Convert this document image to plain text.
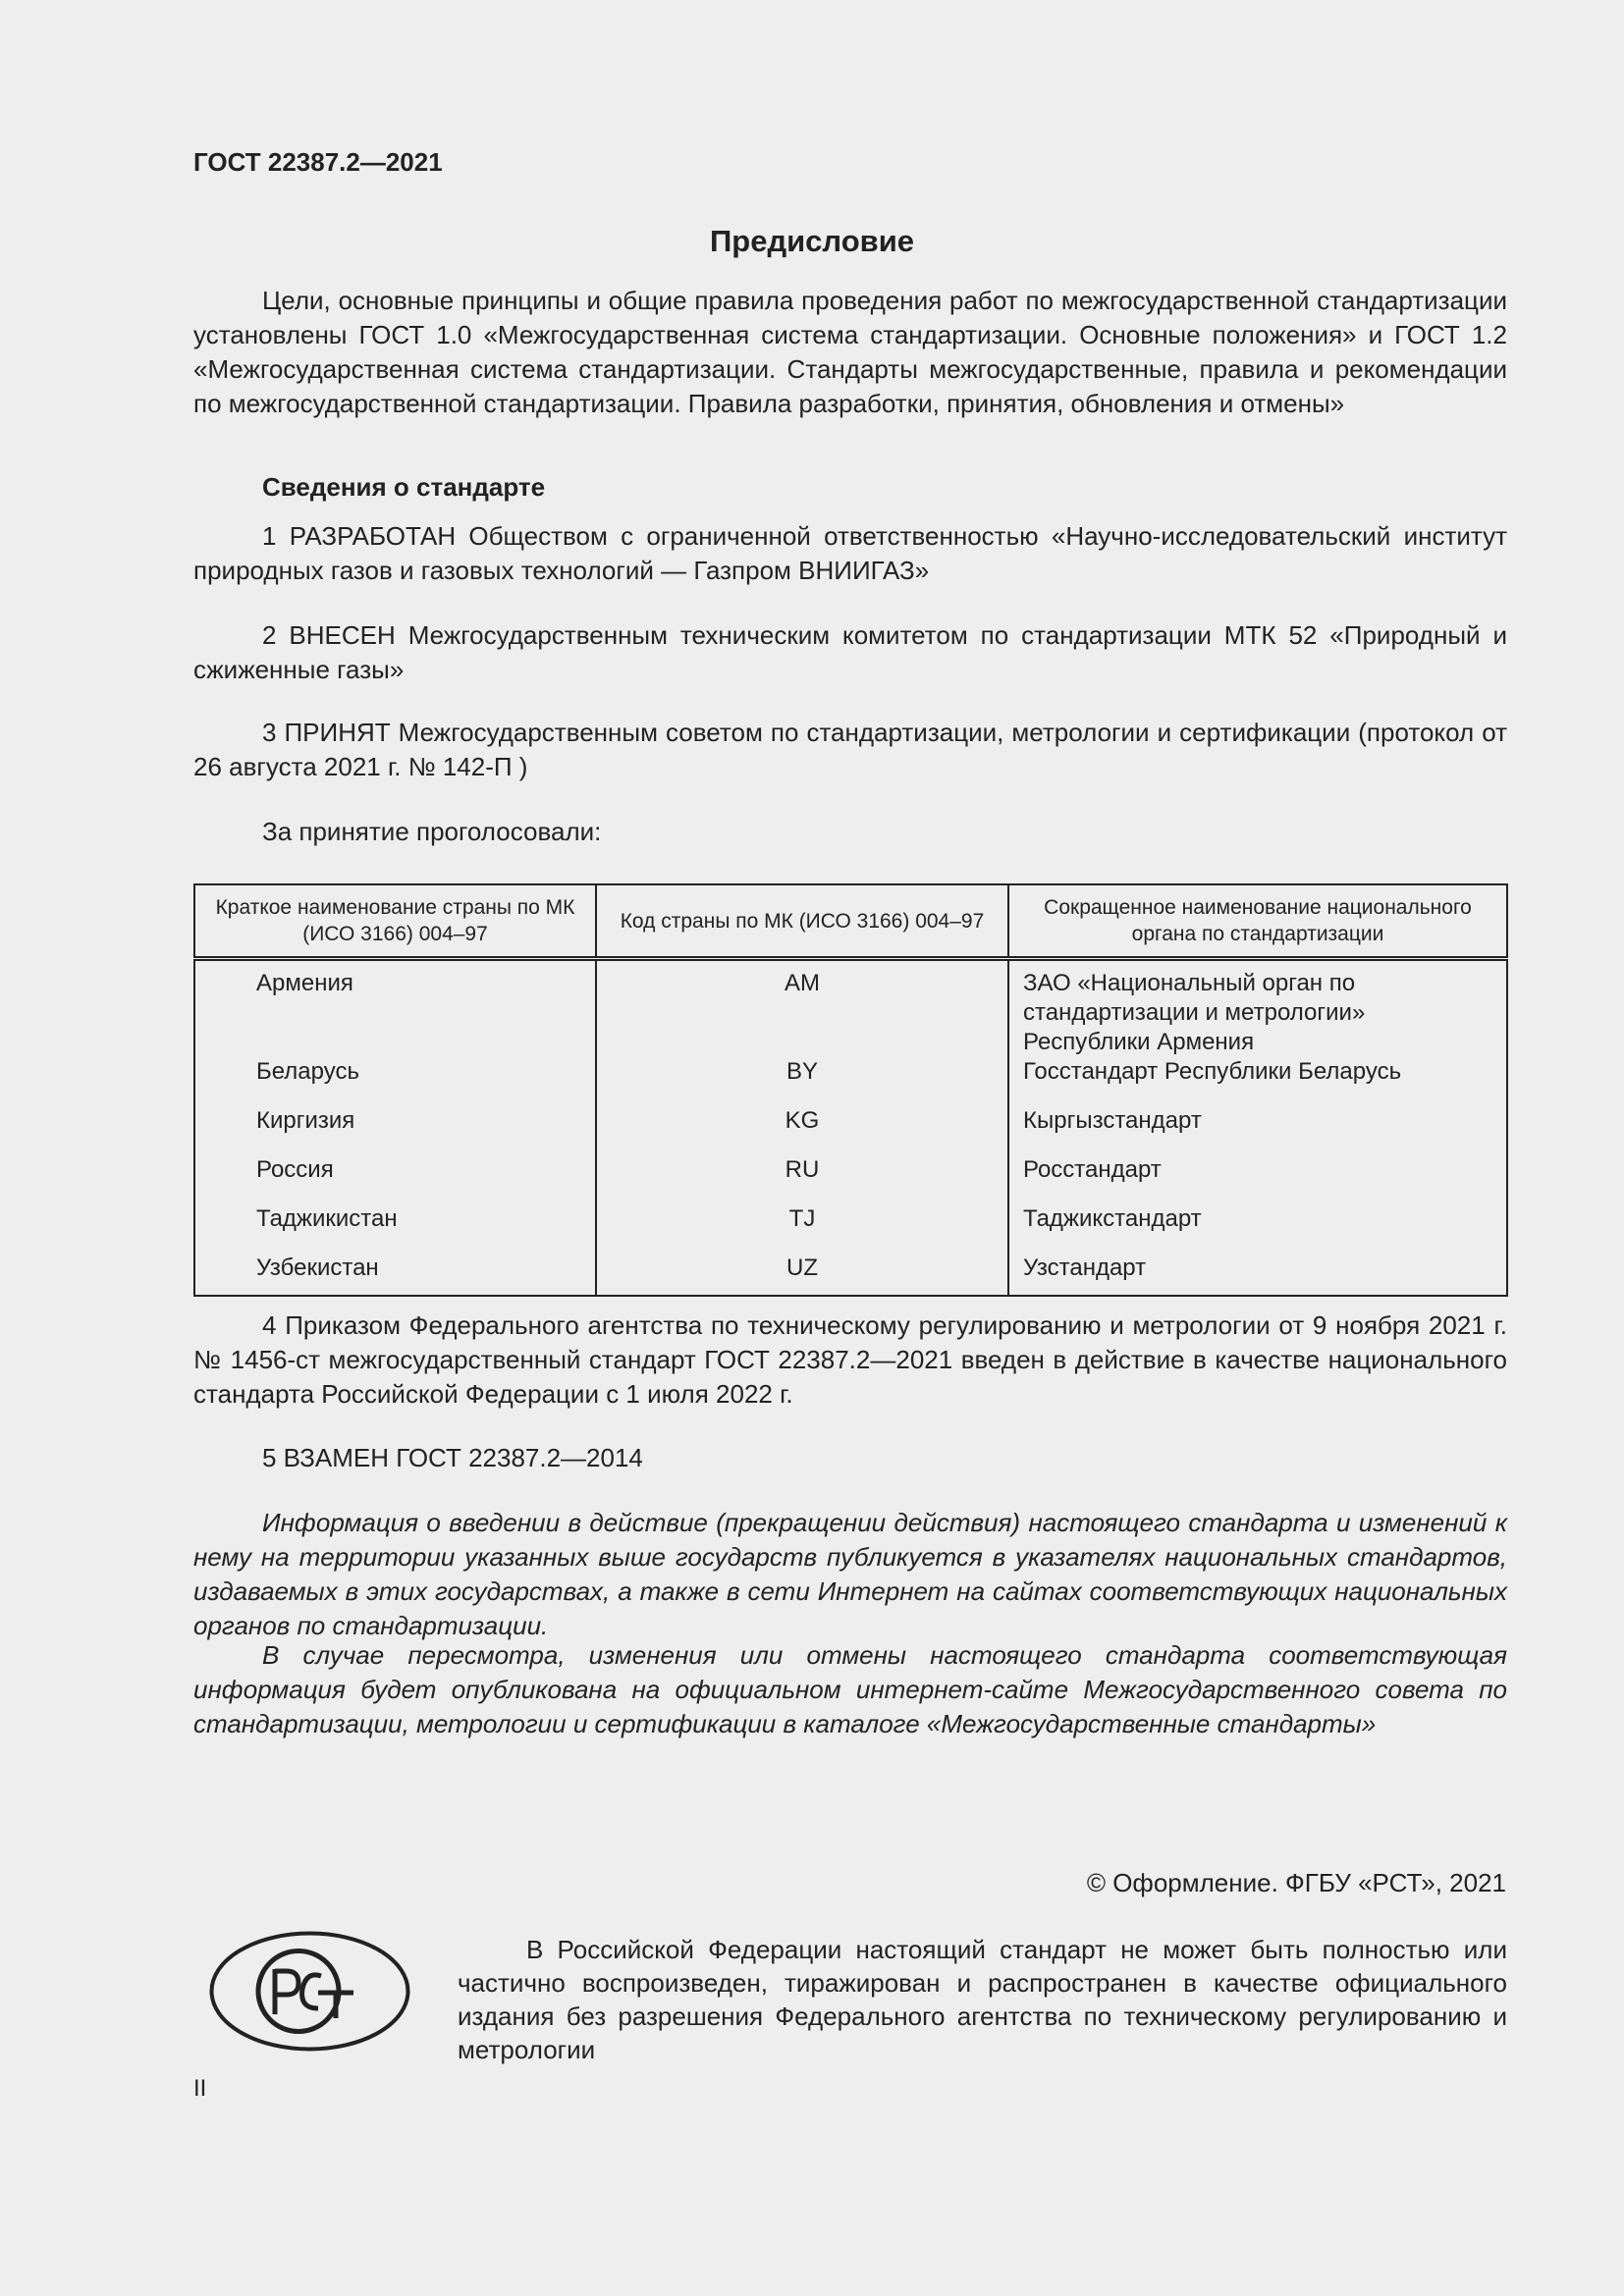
ГОСТ 22387.2—2021
Предисловие

Цели, основные принципы и общие правила проведения работ по межгосударственной стандартизации установлены ГОСТ 1.0 «Межгосударственная система стандартизации. Основные положения» и ГОСТ 1.2 «Межгосударственная система стандартизации. Стандарты межгосударственные, правила и рекомендации по межгосударственной стандартизации. Правила разработки, принятия, обновления и отмены»

Сведения о стандарте

1 РАЗРАБОТАН Обществом с ограниченной ответственностью «Научно-исследовательский институт природных газов и газовых технологий — Газпром ВНИИГАЗ»

2 ВНЕСЕН Межгосударственным техническим комитетом по стандартизации МТК 52 «Природный и сжиженные газы»

3 ПРИНЯТ Межгосударственным советом по стандартизации, метрологии и сертификации (протокол от 26 августа 2021 г. № 142-П )

За принятие проголосовали:
Краткое наименование страны по МК (ИСО 3166) 004–97	Код страны по МК (ИСО 3166) 004–97	Сокращенное наименование национального органа по стандартизации
Армения	AM	ЗАО «Национальный орган по стандартизации и метрологии» Республики Армения
Беларусь	BY	Госстандарт Республики Беларусь
Киргизия	KG	Кыргызстандарт
Россия	RU	Росстандарт
Таджикистан	TJ	Таджикстандарт
Узбекистан	UZ	Узстандарт

4 Приказом Федерального агентства по техническому регулированию и метрологии от 9 ноября 2021 г. № 1456-ст межгосударственный стандарт ГОСТ 22387.2—2021 введен в действие в качестве национального стандарта Российской Федерации с 1 июля 2022 г.

5 ВЗАМЕН ГОСТ 22387.2—2014

Информация о введении в действие (прекращении действия) настоящего стандарта и изменений к нему на территории указанных выше государств публикуется в указателях национальных стандартов, издаваемых в этих государствах, а также в сети Интернет на сайтах соответствующих национальных органов по стандартизации.

В случае пересмотра, изменения или отмены настоящего стандарта соответствующая информация будет опубликована на официальном интернет-сайте Межгосударственного совета по стандартизации, метрологии и сертификации в каталоге «Межгосударственные стандарты»

© Оформление. ФГБУ «РСТ», 2021

В Российской Федерации настоящий стандарт не может быть полностью или частично воспроизведен, тиражирован и распространен в качестве официального издания без разрешения Федерального агентства по техническому регулированию и метрологии

II
